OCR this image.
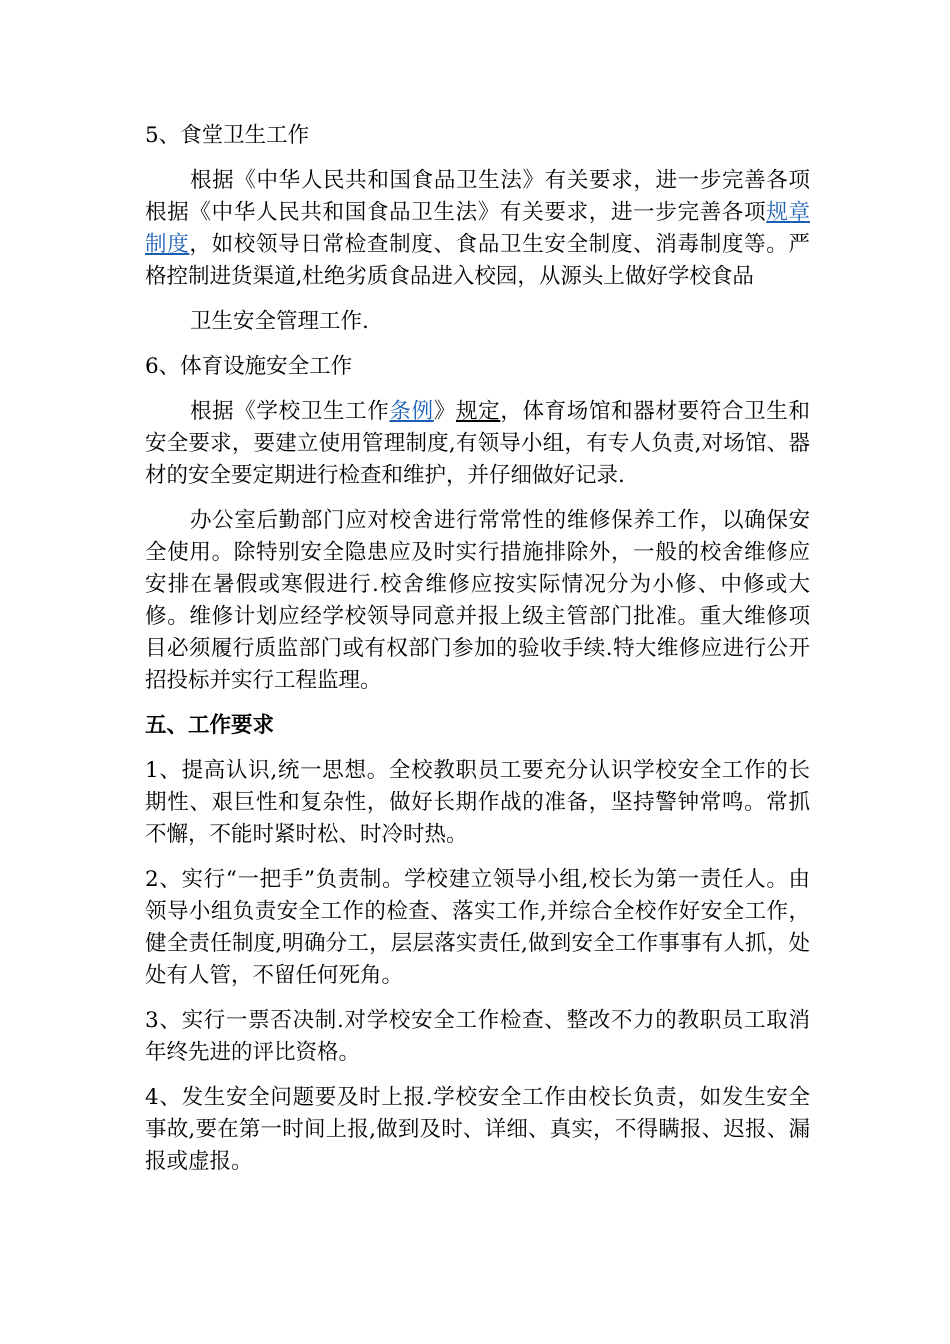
5、食堂卫生工作

根据《中华人民共和国食品卫生法》有关要求，进一步完善各项根据《中华人民共和国食品卫生法》有关要求，进一步完善各项规章制度，如校领导日常检查制度、食品卫生安全制度、消毒制度等。严格控制进货渠道,杜绝劣质食品进入校园，从源头上做好学校食品

卫生安全管理工作.

6、体育设施安全工作

根据《学校卫生工作条例》规定，体育场馆和器材要符合卫生和安全要求，要建立使用管理制度,有领导小组，有专人负责,对场馆、器材的安全要定期进行检查和维护，并仔细做好记录.

办公室后勤部门应对校舍进行常常性的维修保养工作，以确保安全使用。除特别安全隐患应及时实行措施排除外，一般的校舍维修应安排在暑假或寒假进行.校舍维修应按实际情况分为小修、中修或大修。维修计划应经学校领导同意并报上级主管部门批准。重大维修项目必须履行质监部门或有权部门参加的验收手续.特大维修应进行公开招投标并实行工程监理。

五、工作要求

1、提高认识,统一思想。全校教职员工要充分认识学校安全工作的长期性、艰巨性和复杂性，做好长期作战的准备，坚持警钟常鸣。常抓不懈，不能时紧时松、时冷时热。

2、实行“一把手”负责制。学校建立领导小组,校长为第一责任人。由领导小组负责安全工作的检查、落实工作,并综合全校作好安全工作，健全责任制度,明确分工，层层落实责任,做到安全工作事事有人抓，处处有人管，不留任何死角。

3、实行一票否决制.对学校安全工作检查、整改不力的教职员工取消年终先进的评比资格。

4、发生安全问题要及时上报.学校安全工作由校长负责，如发生安全事故,要在第一时间上报,做到及时、详细、真实，不得瞒报、迟报、漏报或虚报。
